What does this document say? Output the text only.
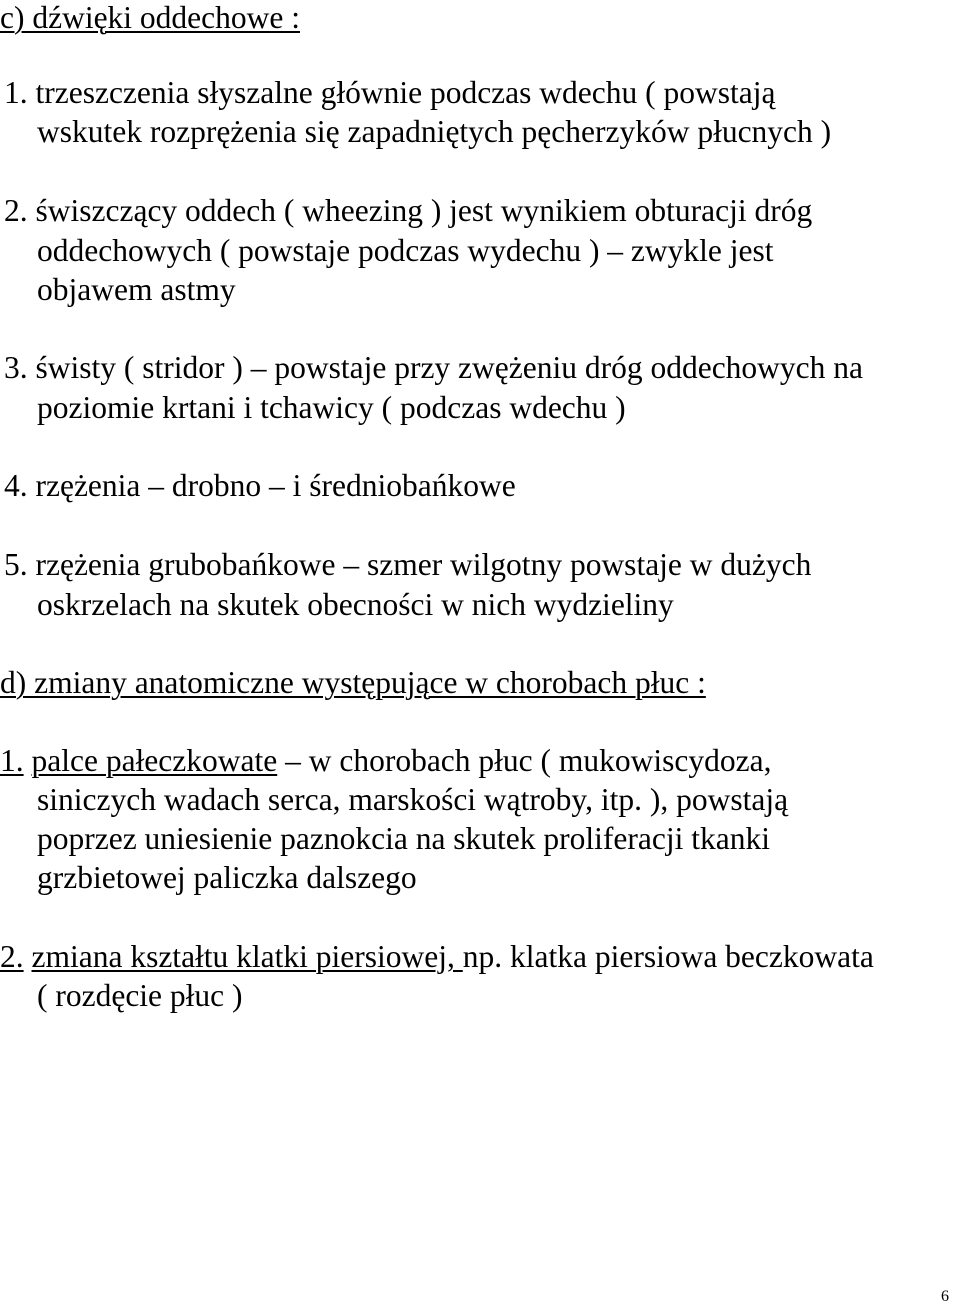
c) dźwięki oddechowe :

1. trzeszczenia słyszalne głównie podczas wdechu ( powstają

wskutek rozprężenia się zapadniętych pęcherzyków płucnych )

2. świszczący oddech ( wheezing ) jest wynikiem obturacji dróg

oddechowych ( powstaje podczas wydechu ) – zwykle jest

objawem astmy

3. świsty ( stridor ) – powstaje przy zwężeniu dróg oddechowych na

poziomie krtani i tchawicy ( podczas wdechu )

4. rzężenia – drobno – i średniobańkowe

5. rzężenia grubobańkowe – szmer wilgotny powstaje w dużych

oskrzelach na skutek obecności w nich wydzieliny

d) zmiany anatomiczne występujące w chorobach płuc :

1. palce pałeczkowate – w chorobach płuc ( mukowiscydoza,

siniczych wadach serca, marskości wątroby, itp. ), powstają

poprzez uniesienie paznokcia na skutek proliferacji tkanki

grzbietowej paliczka dalszego

2. zmiana kształtu klatki piersiowej, np. klatka piersiowa beczkowata

( rozdęcie płuc )

6
